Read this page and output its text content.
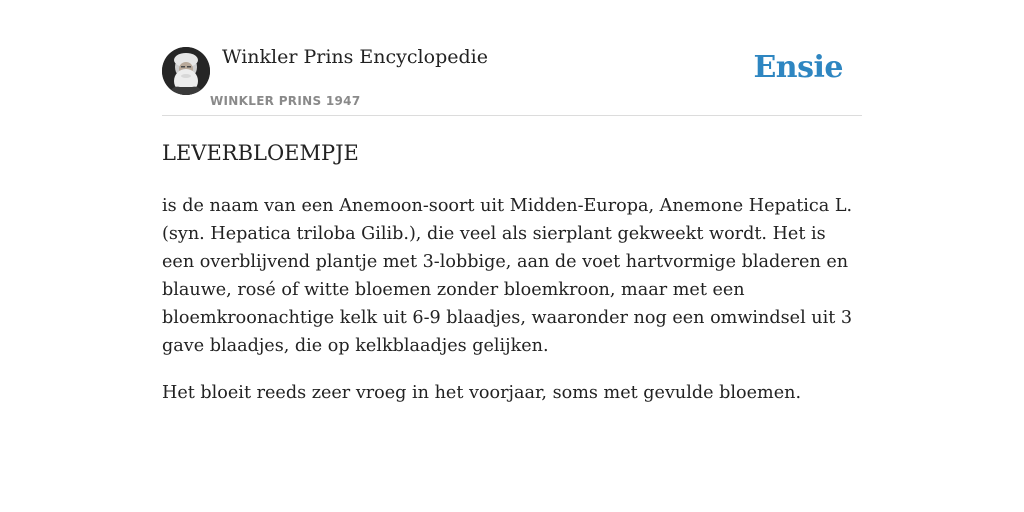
Winkler Prins Encyclopedie
WINKLER PRINS 1947
Ensie
LEVERBLOEMPJE

is de naam van een Anemoon-soort uit Midden-Europa, Anemone Hepatica L. (syn. Hepatica triloba Gilib.), die veel als sierplant gekweekt wordt. Het is een overblijvend plantje met 3-lobbige, aan de voet hartvormige bladeren en blauwe, rosé of witte bloemen zonder bloemkroon, maar met een bloemkroonachtige kelk uit 6-9 blaadjes, waaronder nog een omwindsel uit 3 gave blaadjes, die op kelkblaadjes gelijken.

Het bloeit reeds zeer vroeg in het voorjaar, soms met gevulde bloemen.
